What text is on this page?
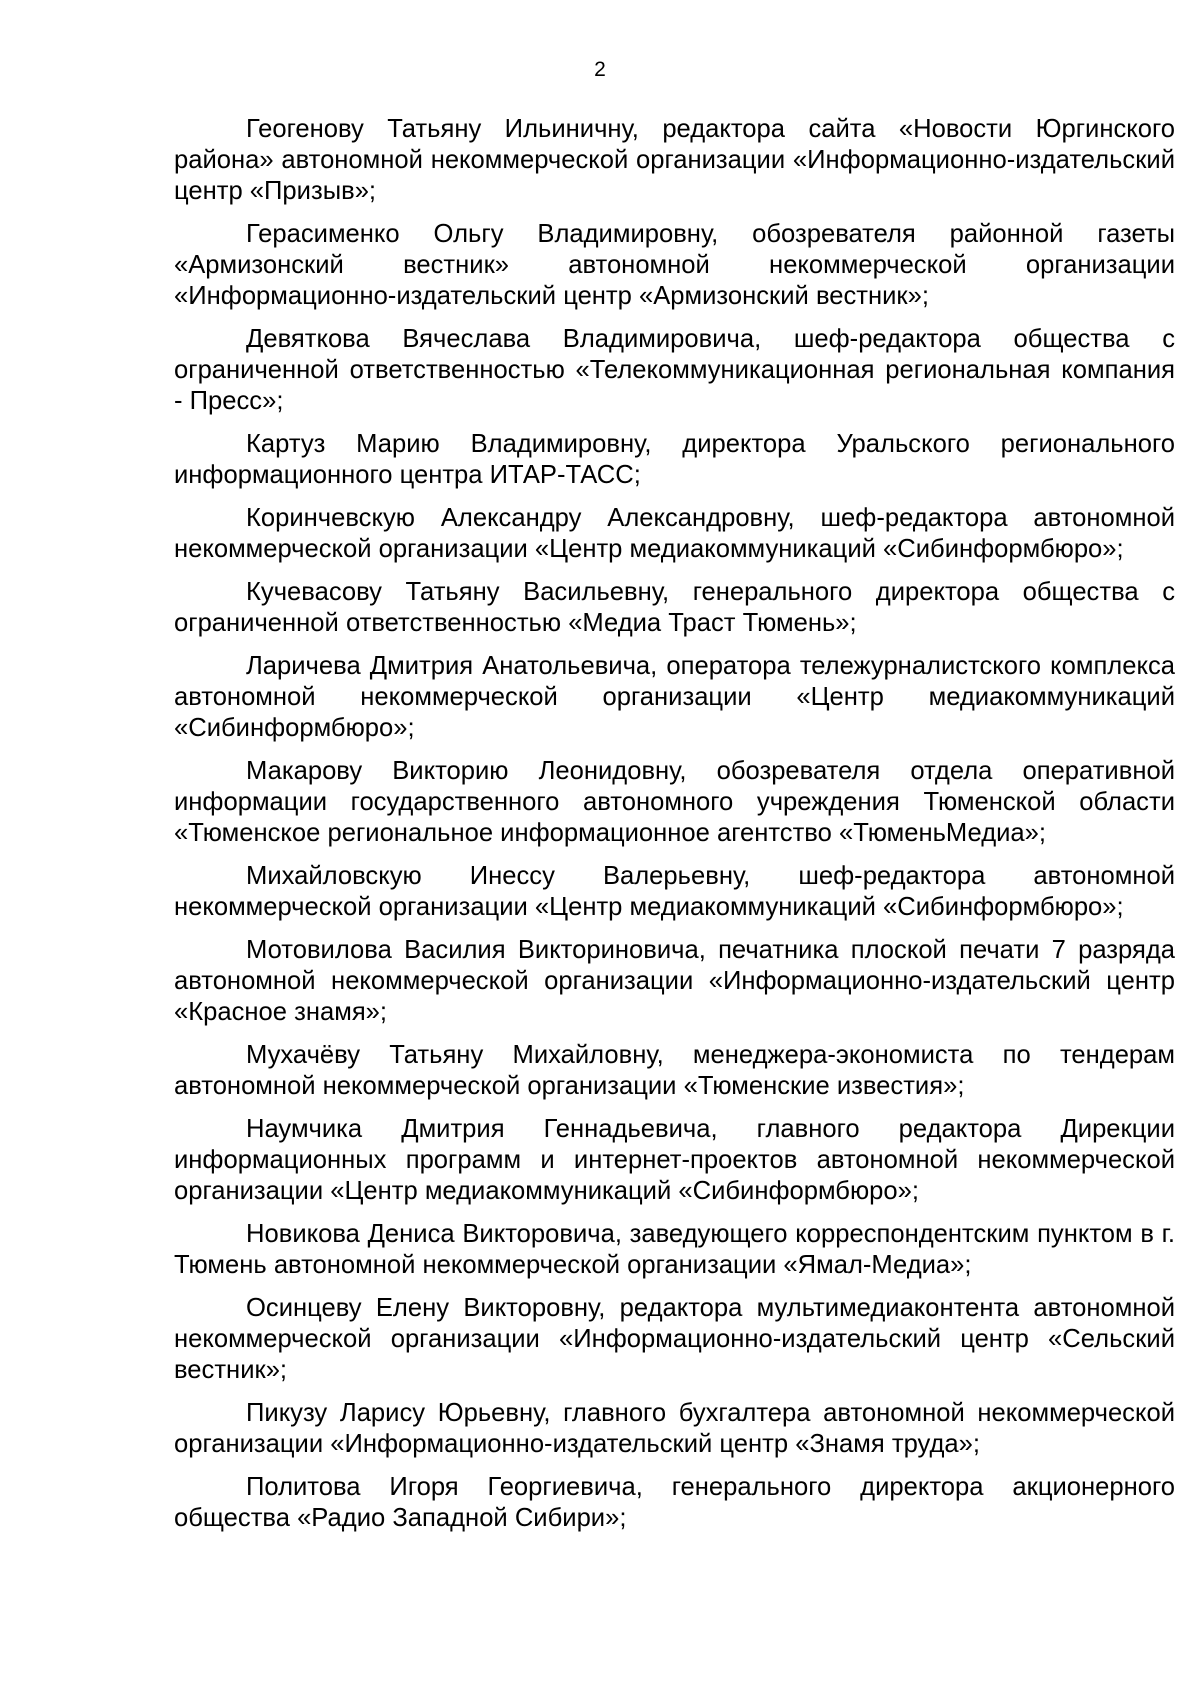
2

Геогенову Татьяну Ильиничну, редактора сайта «Новости Юргинского района» автономной некоммерческой организации «Информационно-издательский центр «Призыв»;

Герасименко Ольгу Владимировну, обозревателя районной газеты «Армизонский вестник» автономной некоммерческой организации «Информационно-издательский центр «Армизонский вестник»;

Девяткова Вячеслава Владимировича, шеф-редактора общества с ограниченной ответственностью «Телекоммуникационная региональная компания - Пресс»;

Картуз Марию Владимировну, директора Уральского регионального информационного центра ИТАР-ТАСС;

Коринчевскую Александру Александровну, шеф-редактора автономной некоммерческой организации «Центр медиакоммуникаций «Сибинформбюро»;

Кучевасову Татьяну Васильевну, генерального директора общества с ограниченной ответственностью «Медиа Траст Тюмень»;

Ларичева Дмитрия Анатольевича, оператора тележурналистского комплекса автономной некоммерческой организации «Центр медиакоммуникаций «Сибинформбюро»;

Макарову Викторию Леонидовну, обозревателя отдела оперативной информации государственного автономного учреждения Тюменской области «Тюменское региональное информационное агентство «ТюменьМедиа»;

Михайловскую Инессу Валерьевну, шеф-редактора автономной некоммерческой организации «Центр медиакоммуникаций «Сибинформбюро»;

Мотовилова Василия Викториновича, печатника плоской печати 7 разряда автономной некоммерческой организации «Информационно-издательский центр «Красное знамя»;

Мухачёву Татьяну Михайловну, менеджера-экономиста по тендерам автономной некоммерческой организации «Тюменские известия»;

Наумчика Дмитрия Геннадьевича, главного редактора Дирекции информационных программ и интернет-проектов автономной некоммерческой организации «Центр медиакоммуникаций «Сибинформбюро»;

Новикова Дениса Викторовича, заведующего корреспондентским пунктом в г. Тюмень автономной некоммерческой организации «Ямал-Медиа»;

Осинцеву Елену Викторовну, редактора мультимедиаконтента автономной некоммерческой организации «Информационно-издательский центр «Сельский вестник»;

Пикузу Ларису Юрьевну, главного бухгалтера автономной некоммерческой организации «Информационно-издательский центр «Знамя труда»;

Политова Игоря Георгиевича, генерального директора акционерного общества «Радио Западной Сибири»;
